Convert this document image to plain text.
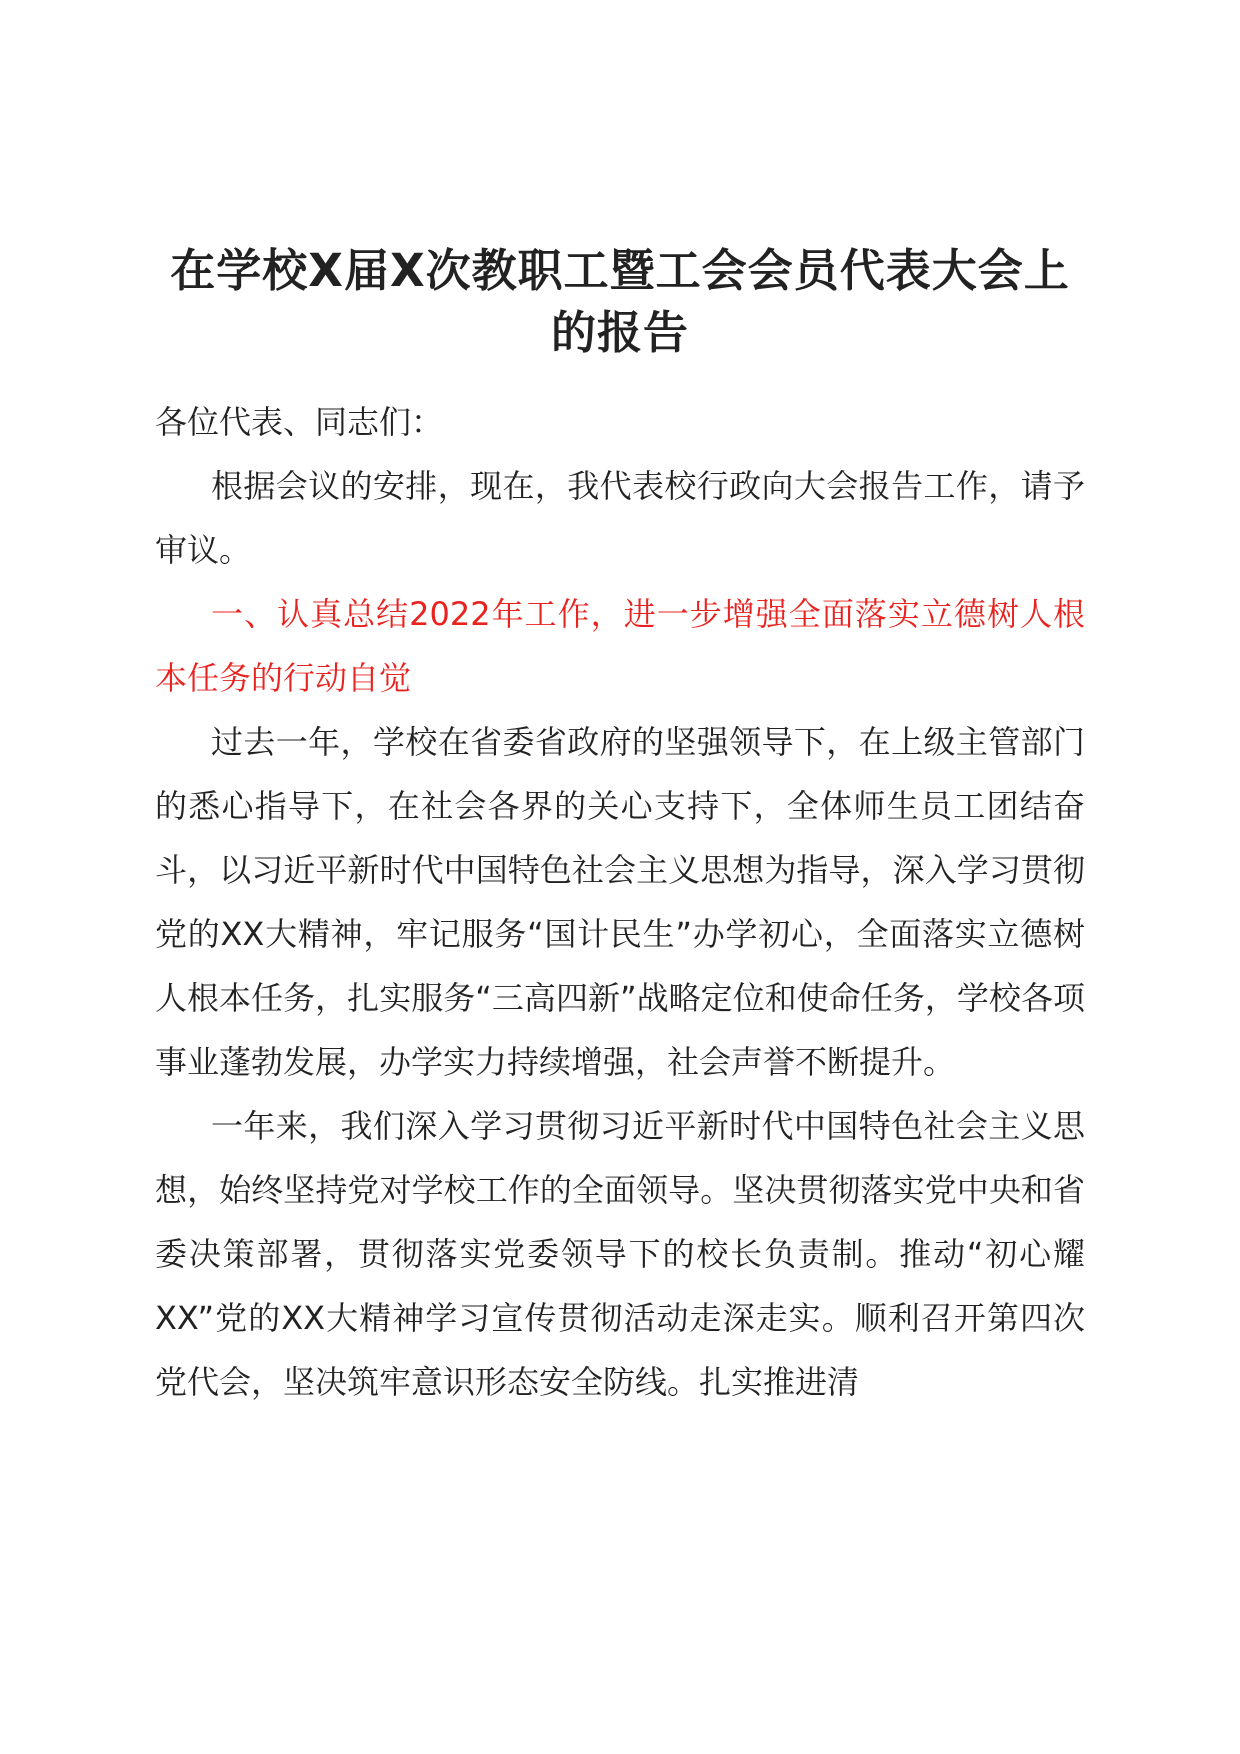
在学校X届X次教职工暨工会会员代表大会上的报告

各位代表、同志们：

根据会议的安排，现在，我代表校行政向大会报告工作，请予审议。

一、认真总结2022年工作，进一步增强全面落实立德树人根本任务的行动自觉

过去一年，学校在省委省政府的坚强领导下，在上级主管部门的悉心指导下，在社会各界的关心支持下，全体师生员工团结奋斗，以习近平新时代中国特色社会主义思想为指导，深入学习贯彻党的XX大精神，牢记服务“国计民生”办学初心，全面落实立德树人根本任务，扎实服务“三高四新”战略定位和使命任务，学校各项事业蓬勃发展，办学实力持续增强，社会声誉不断提升。

一年来，我们深入学习贯彻习近平新时代中国特色社会主义思想，始终坚持党对学校工作的全面领导。坚决贯彻落实党中央和省委决策部署，贯彻落实党委领导下的校长负责制。推动“初心耀XX”党的XX大精神学习宣传贯彻活动走深走实。顺利召开第四次党代会，坚决筑牢意识形态安全防线。扎实推进清
